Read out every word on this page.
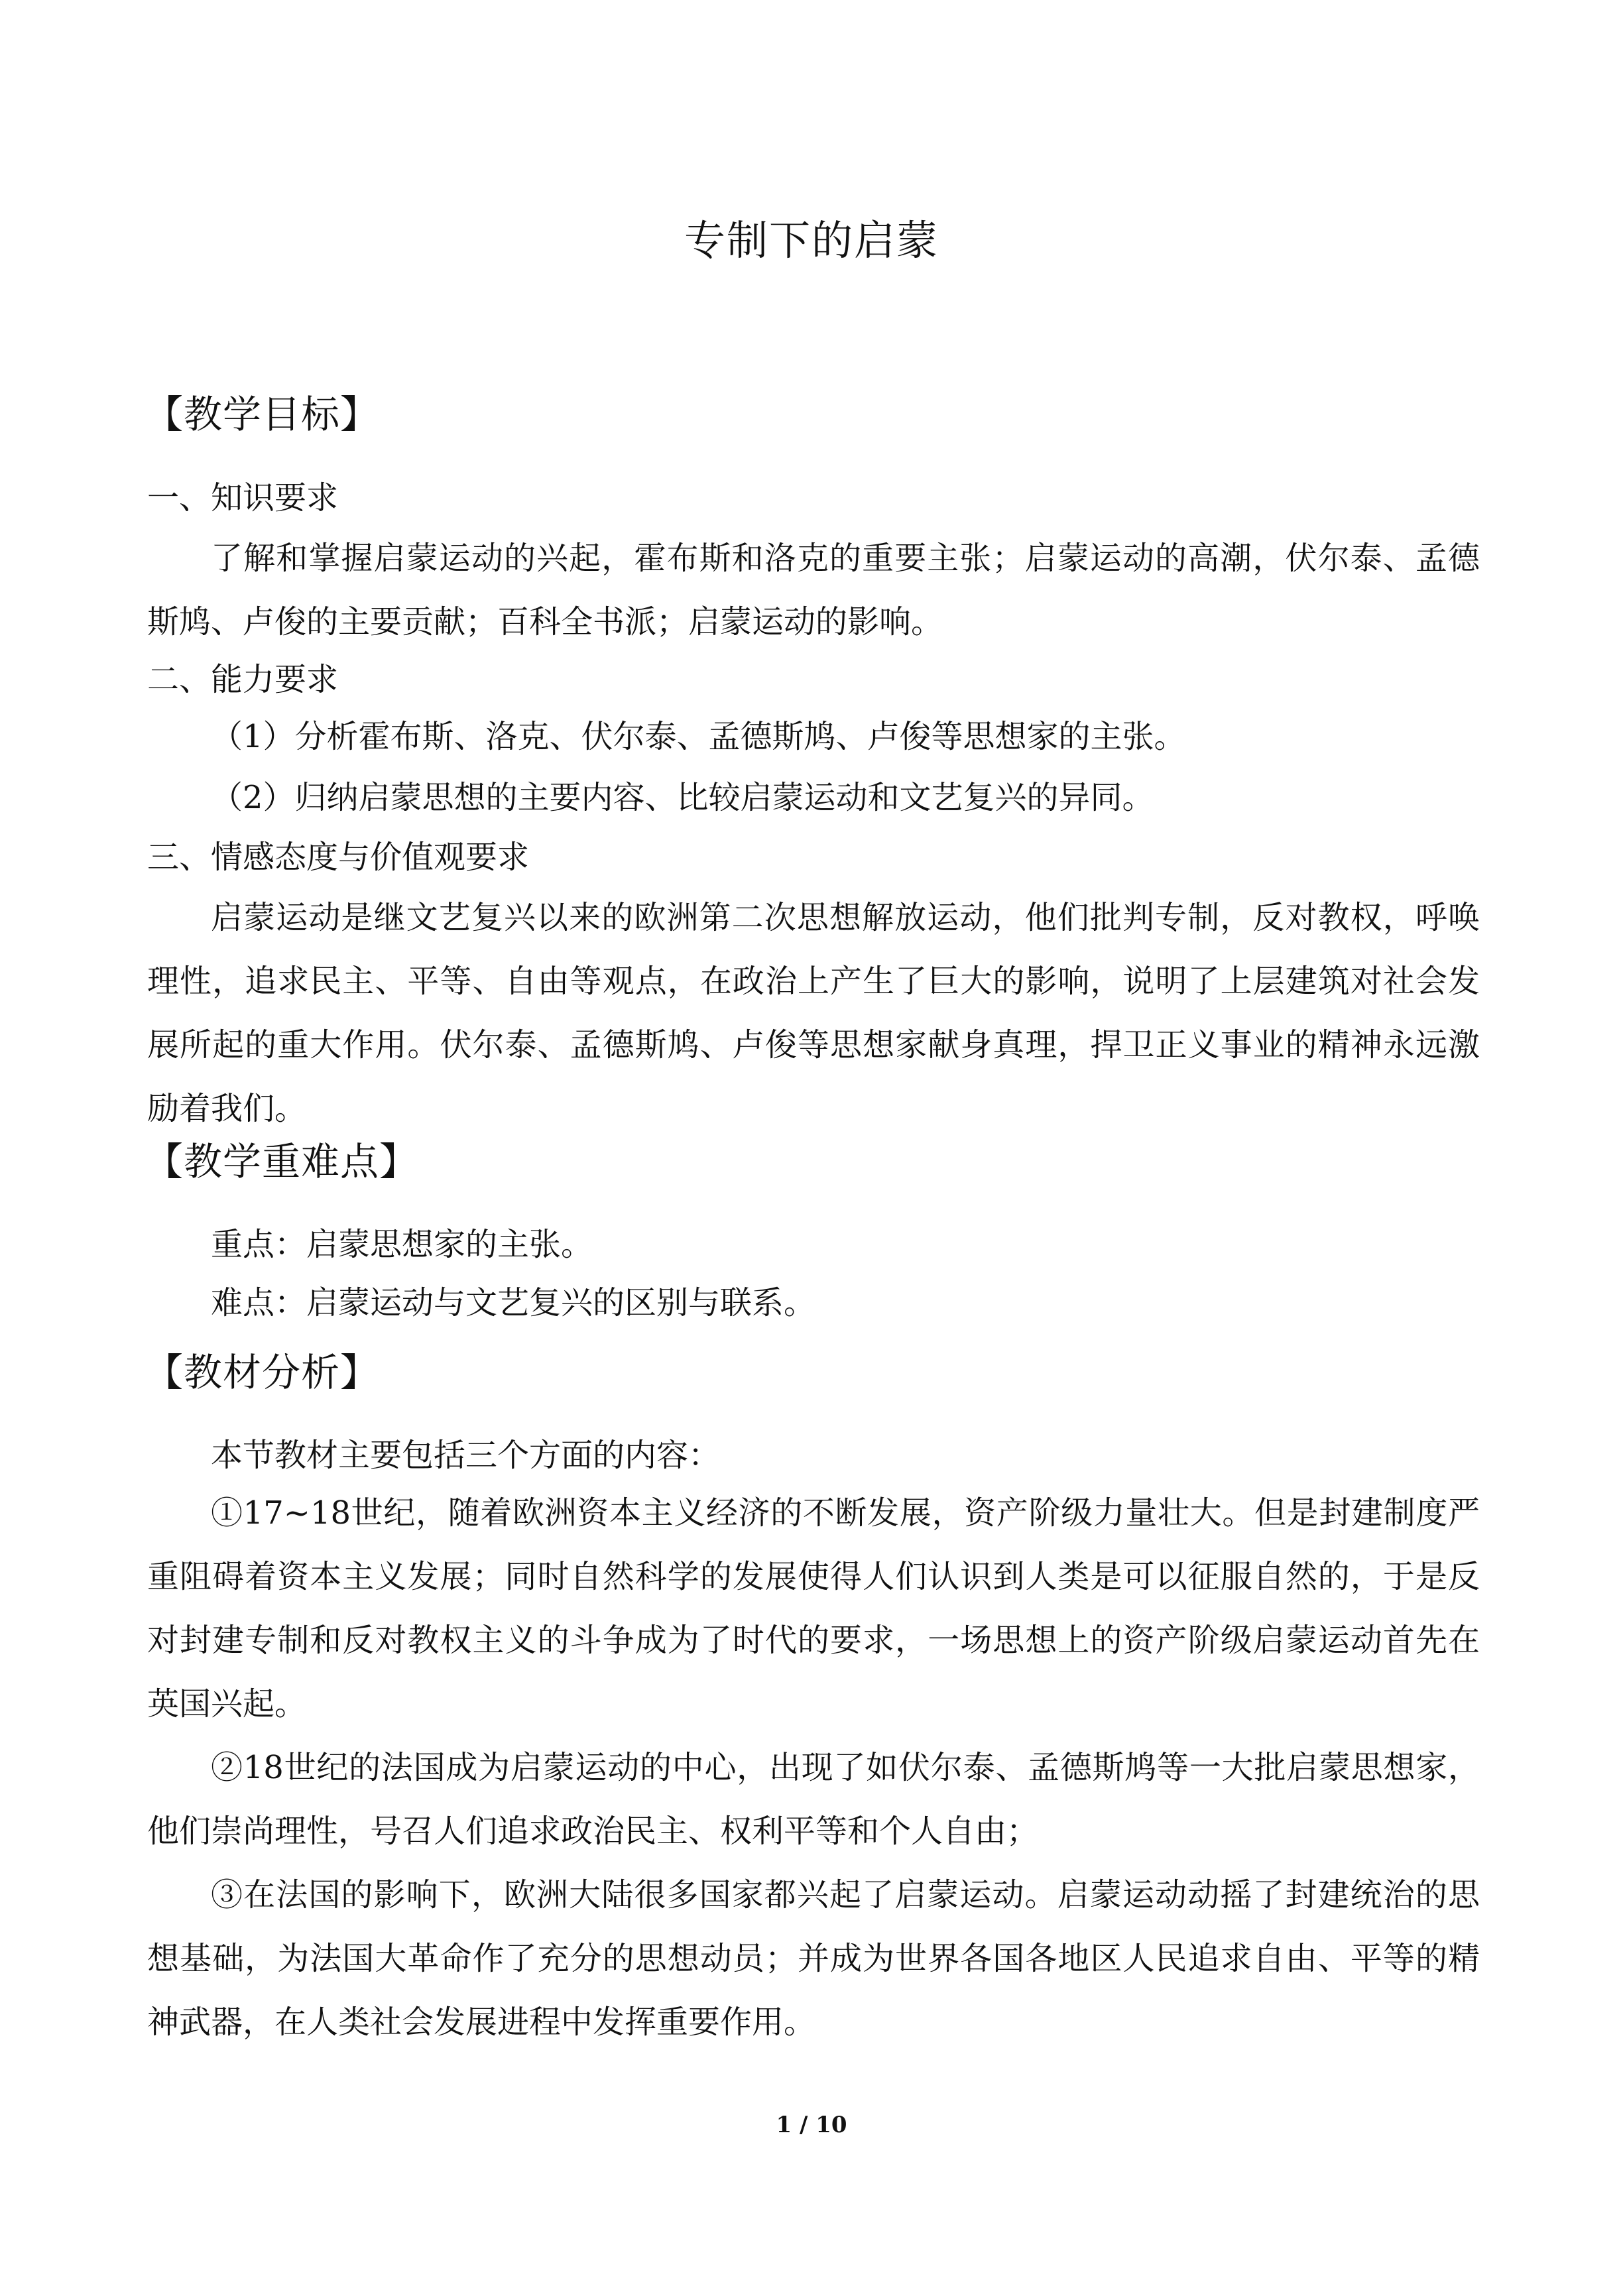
专制下的启蒙
【教学目标】
一、知识要求
了解和掌握启蒙运动的兴起，霍布斯和洛克的重要主张；启蒙运动的高潮，伏尔泰、孟德斯鸠、卢俊的主要贡献；百科全书派；启蒙运动的影响。
二、能力要求
（1）分析霍布斯、洛克、伏尔泰、孟德斯鸠、卢俊等思想家的主张。
（2）归纳启蒙思想的主要内容、比较启蒙运动和文艺复兴的异同。
三、情感态度与价值观要求
启蒙运动是继文艺复兴以来的欧洲第二次思想解放运动，他们批判专制，反对教权，呼唤理性，追求民主、平等、自由等观点，在政治上产生了巨大的影响，说明了上层建筑对社会发展所起的重大作用。伏尔泰、孟德斯鸠、卢俊等思想家献身真理，捍卫正义事业的精神永远激励着我们。
【教学重难点】
重点：启蒙思想家的主张。
难点：启蒙运动与文艺复兴的区别与联系。
【教材分析】
本节教材主要包括三个方面的内容：
①17~18世纪，随着欧洲资本主义经济的不断发展，资产阶级力量壮大。但是封建制度严重阻碍着资本主义发展；同时自然科学的发展使得人们认识到人类是可以征服自然的，于是反对封建专制和反对教权主义的斗争成为了时代的要求，一场思想上的资产阶级启蒙运动首先在英国兴起。
②18世纪的法国成为启蒙运动的中心，出现了如伏尔泰、孟德斯鸠等一大批启蒙思想家，他们崇尚理性，号召人们追求政治民主、权利平等和个人自由；
③在法国的影响下，欧洲大陆很多国家都兴起了启蒙运动。启蒙运动动摇了封建统治的思想基础，为法国大革命作了充分的思想动员；并成为世界各国各地区人民追求自由、平等的精神武器，在人类社会发展进程中发挥重要作用。
1 / 10
